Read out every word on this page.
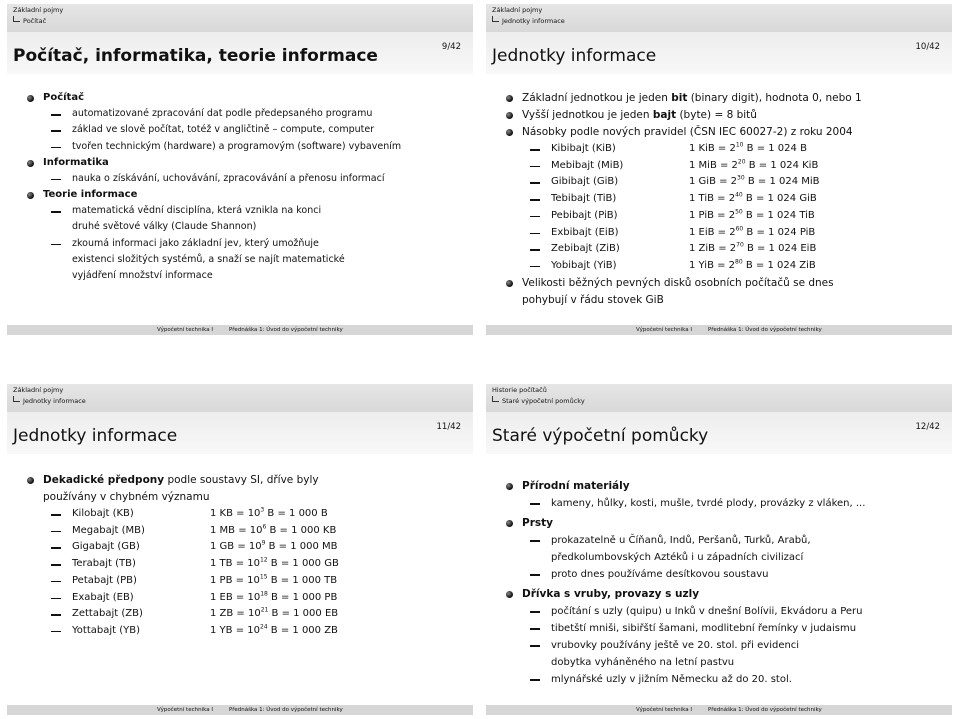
Základní pojmy
Počítač
Počítač, informatika, teorie informace	9/42
Počítač
automatizované zpracování dat podle předepsaného programu
základ ve slově počítat, totéž v angličtině – compute, computer
tvořen technickým (hardware) a programovým (software) vybavením
Informatika
nauka o získávání, uchovávání, zpracovávání a přenosu informací
Teorie informace
matematická vědní disciplína, která vznikla na konci druhé světové války (Claude Shannon)
zkoumá informaci jako základní jev, který umožňuje existenci složitých systémů, a snaží se najít matematické vyjádření množství informace
Výpočetní technika I	Přednáška 1: Úvod do výpočetní techniky
Základní pojmy
Jednotky informace
Jednotky informace	10/42
Základní jednotkou je jeden bit (binary digit), hodnota 0, nebo 1
Vyšší jednotkou je jeden bajt (byte) = 8 bitů
Násobky podle nových pravidel (ČSN IEC 60027-2) z roku 2004
Kibibajt (KiB)	1 KiB = $2^{10}$ B = 1 024 B
Mebibajt (MiB)	1 MiB = $2^{20}$ B = 1 024 KiB
Gibibajt (GiB)	1 GiB = $2^{30}$ B = 1 024 MiB
Tebibajt (TiB)	1 TiB = $2^{40}$ B = 1 024 GiB
Pebibajt (PiB)	1 PiB = $2^{50}$ B = 1 024 TiB
Exbibajt (EiB)	1 EiB = $2^{60}$ B = 1 024 PiB
Zebibajt (ZiB)	1 ZiB = $2^{70}$ B = 1 024 EiB
Yobibajt (YiB)	1 YiB = $2^{80}$ B = 1 024 ZiB
Velikosti běžných pevných disků osobních počítačů se dnes pohybují v řádu stovek GiB
Výpočetní technika I	Přednáška 1: Úvod do výpočetní techniky
Základní pojmy
Jednotky informace
Jednotky informace	11/42
Dekadické předpony podle soustavy SI, dříve byly používány v chybném významu
Kilobajt (KB)	1 KB = $10^3$ B = 1 000 B
Megabajt (MB)	1 MB = $10^6$ B = 1 000 KB
Gigabajt (GB)	1 GB = $10^9$ B = 1 000 MB
Terabajt (TB)	1 TB = $10^{12}$ B = 1 000 GB
Petabajt (PB)	1 PB = $10^{15}$ B = 1 000 TB
Exabajt (EB)	1 EB = $10^{18}$ B = 1 000 PB
Zettabajt (ZB)	1 ZB = $10^{21}$ B = 1 000 EB
Yottabajt (YB)	1 YB = $10^{24}$ B = 1 000 ZB
Výpočetní technika I	Přednáška 1: Úvod do výpočetní techniky
Historie počítačů
Staré výpočetní pomůcky
Staré výpočetní pomůcky	12/42
Přírodní materiály
kameny, hůlky, kosti, mušle, tvrdé plody, provázky z vláken, ...
Prsty
prokazatelně u Číňanů, Indů, Peršanů, Turků, Arabů, předkolumbovských Aztéků i u západních civilizací
proto dnes používáme desítkovou soustavu
Dřívka s vruby, provazy s uzly
počítání s uzly (quipu) u Inků v dnešní Bolívii, Ekvádoru a Peru
tibetští mniši, sibiřští šamani, modlitební řemínky v judaismu
vrubovky používány ještě ve 20. stol. při evidenci dobytka vyháněného na letní pastvu
mlynářské uzly v jižním Německu až do 20. stol.
Výpočetní technika I	Přednáška 1: Úvod do výpočetní techniky
